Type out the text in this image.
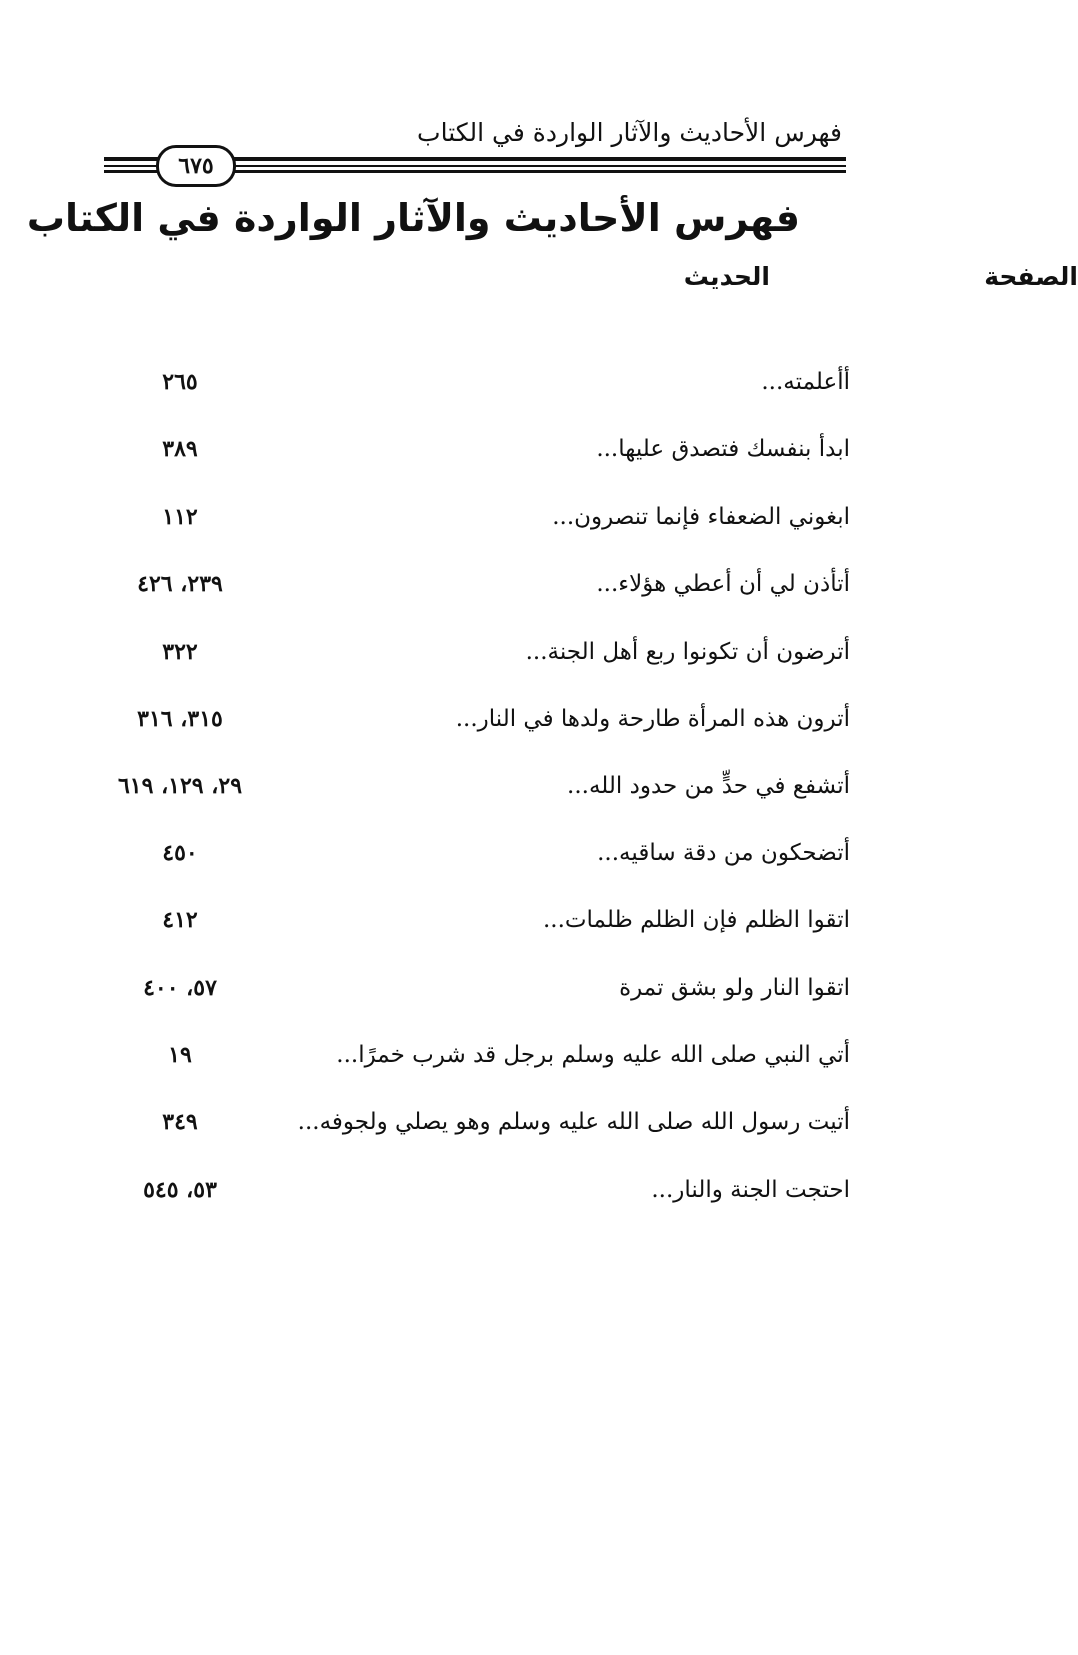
فهرس الأحاديث والآثار الواردة في الكتاب
٦٧٥
فهرس الأحاديث والآثار الواردة في الكتاب
الحديث	الصفحة
أأعلمته...
٢٦٥
ابدأ بنفسك فتصدق عليها...
٣٨٩
ابغوني الضعفاء فإنما تنصرون...
١١٢
أتأذن لي أن أعطي هؤلاء...
٢٣٩، ٤٢٦
أترضون أن تكونوا ربع أهل الجنة...
٣٢٢
أترون هذه المرأة طارحة ولدها في النار...
٣١٥، ٣١٦
أتشفع في حدٍّ من حدود الله...
٢٩، ١٢٩، ٦١٩
أتضحكون من دقة ساقيه...
٤٥٠
اتقوا الظلم فإن الظلم ظلمات...
٤١٢
اتقوا النار ولو بشق تمرة
٥٧، ٤٠٠
أتي النبي صلى الله عليه وسلم برجل قد شرب خمرًا...
١٩
أتيت رسول الله صلى الله عليه وسلم وهو يصلي ولجوفه...
٣٤٩
احتجت الجنة والنار...
٥٣، ٥٤٥
